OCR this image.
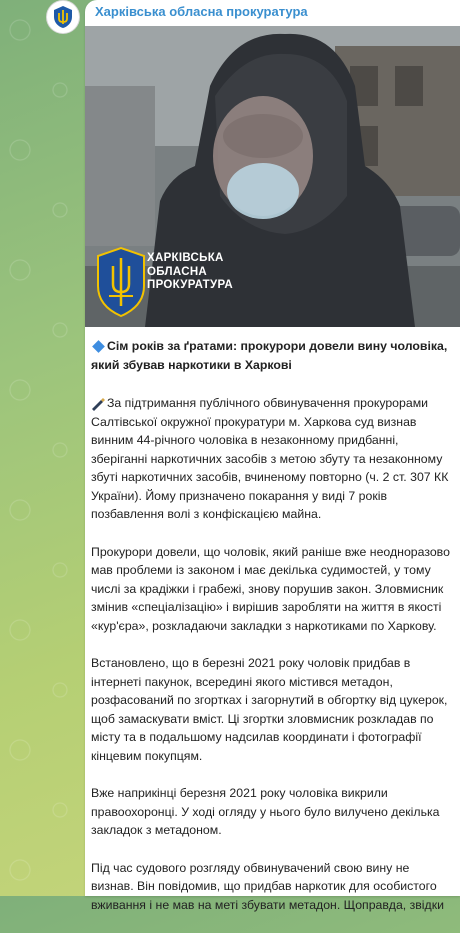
Харківська обласна прокуратура
ХАРКІВСЬКА
ОБЛАСНА
ПРОКУРАТУРА
Сім років за ґратами: прокурори довели вину чоловіка, який збував наркотики в Харкові
За підтримання публічного обвинувачення прокурорами Салтівської окружної прокуратури м. Харкова суд визнав винним 44-річного чоловіка в незаконному придбанні, зберіганні наркотичних засобів з метою збуту та незаконному збуті наркотичних засобів, вчиненому повторно (ч. 2 ст. 307 КК України). Йому призначено покарання у виді 7 років позбавлення волі з конфіскацією майна.
Прокурори довели, що чоловік, який раніше вже неодноразово мав проблеми із законом і має декілька судимостей, у тому числі за крадіжки і грабежі, знову порушив закон. Зловмисник змінив «спеціалізацію» і вирішив заробляти на життя в якості «кур'єра», розкладаючи закладки з наркотиками по Харкову.
Встановлено, що в березні 2021 року чоловік придбав в інтернеті пакунок, всередині якого містився метадон, розфасований по згортках і загорнутий в обгортку від цукерок, щоб замаскувати вміст. Ці згортки зловмисник розкладав по місту та в подальшому надсилав координати і фотографії кінцевим покупцям.
Вже наприкінці березня 2021 року чоловіка викрили правоохоронці. У ході огляду у нього було вилучено декілька закладок з метадоном.
Під час судового розгляду обвинувачений свою вину не визнав. Він повідомив, що придбав наркотик для особистого вживання і не мав на меті збувати метадон. Щоправда, звідки
